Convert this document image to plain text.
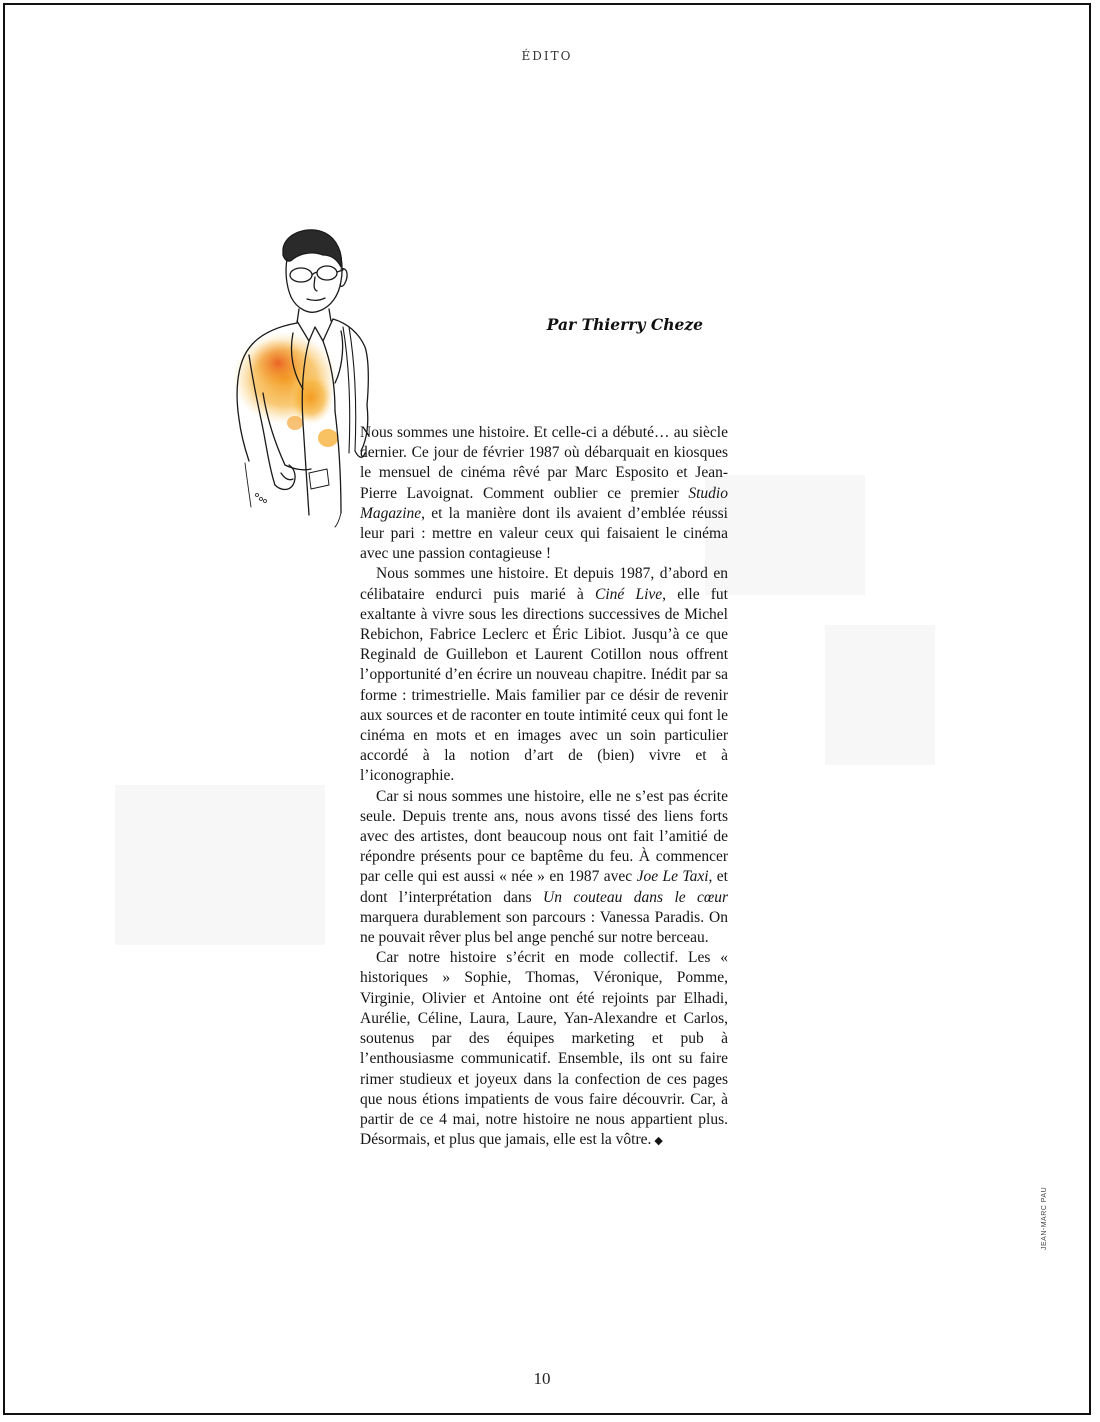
ÉDITO
Par Thierry Cheze

Nous sommes une histoire. Et celle-ci a débuté… au siècle dernier. Ce jour de février 1987 où débarquait en kiosques le mensuel de cinéma rêvé par Marc Esposito et Jean-Pierre Lavoignat. Comment oublier ce premier Studio Magazine, et la manière dont ils avaient d’emblée réussi leur pari : mettre en valeur ceux qui faisaient le cinéma avec une passion contagieuse !

Nous sommes une histoire. Et depuis 1987, d’abord en célibataire endurci puis marié à Ciné Live, elle fut exaltante à vivre sous les directions successives de Michel Rebichon, Fabrice Leclerc et Éric Libiot. Jusqu’à ce que Reginald de Guillebon et Laurent Cotillon nous offrent l’opportunité d’en écrire un nouveau chapitre. Inédit par sa forme : trimestrielle. Mais familier par ce désir de revenir aux sources et de raconter en toute intimité ceux qui font le cinéma en mots et en images avec un soin particulier accordé à la notion d’art de (bien) vivre et à l’iconographie.

Car si nous sommes une histoire, elle ne s’est pas écrite seule. Depuis trente ans, nous avons tissé des liens forts avec des artistes, dont beaucoup nous ont fait l’amitié de répondre présents pour ce baptême du feu. À commencer par celle qui est aussi « née » en 1987 avec Joe Le Taxi, et dont l’interprétation dans Un couteau dans le cœur marquera durablement son parcours : Vanessa Paradis. On ne pouvait rêver plus bel ange penché sur notre berceau.

Car notre histoire s’écrit en mode collectif. Les « historiques » Sophie, Thomas, Véronique, Pomme, Virginie, Olivier et Antoine ont été rejoints par Elhadi, Aurélie, Céline, Laura, Laure, Yan-Alexandre et Carlos, soutenus par des équipes marketing et pub à l’enthousiasme communicatif. Ensemble, ils ont su faire rimer studieux et joyeux dans la confection de ces pages que nous étions impatients de vous faire découvrir. Car, à partir de ce 4 mai, notre histoire ne nous appartient plus. Désormais, et plus que jamais, elle est la vôtre. ◆

10
JEAN-MARC PAU
